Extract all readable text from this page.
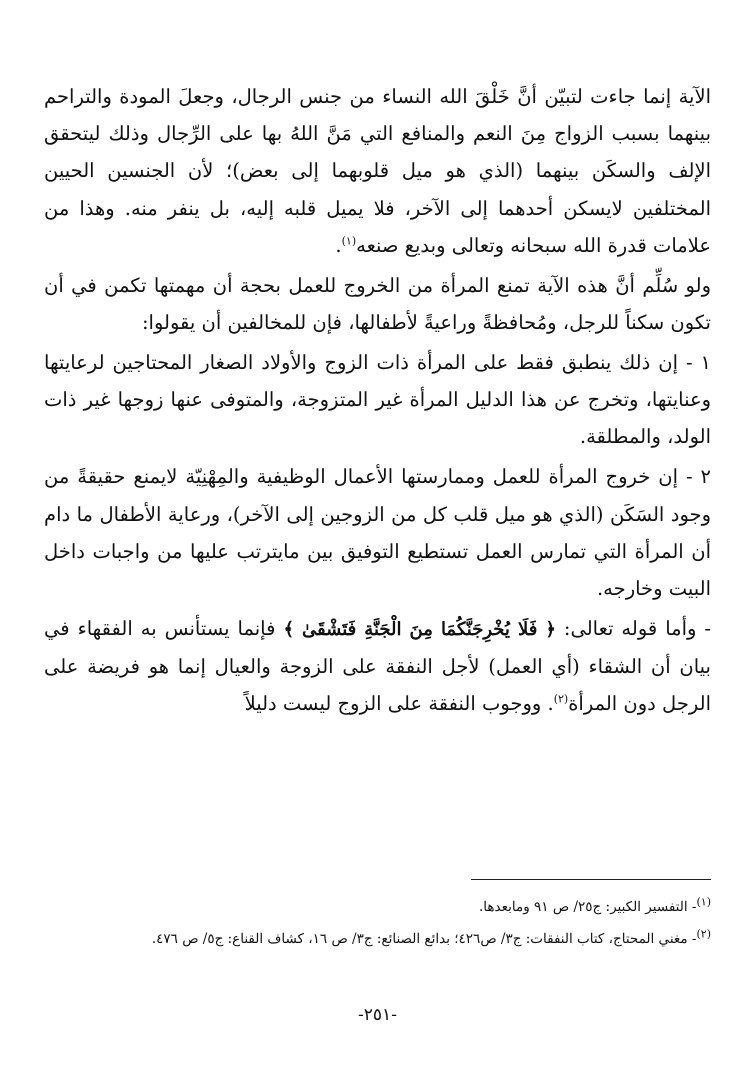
الآية إنما جاءت لتبيّن أنَّ خَلْقَ الله النساء من جنس الرجال، وجعلَ المودة والتراحم بينهما بسبب الزواج مِنَ النعم والمنافع التي مَنَّ اللهُ بها على الرِّجال وذلك ليتحقق الإلف والسكَن بينهما (الذي هو ميل قلوبهما إلى بعض)؛ لأن الجنسين الحيين المختلفين لايسكن أحدهما إلى الآخر، فلا يميل قلبه إليه، بل ينفر منه. وهذا من علامات قدرة الله سبحانه وتعالى وبديع صنعه$^{(١)}$.

ولو سُلِّم أنَّ هذه الآية تمنع المرأة من الخروج للعمل بحجة أن مهمتها تكمن في أن تكون سكناً للرجل، ومُحافظةً وراعيةً لأطفالها، فإن للمخالفين أن يقولوا:

١ - إن ذلك ينطبق فقط على المرأة ذات الزوج والأولاد الصغار المحتاجين لرعايتها وعنايتها، وتخرج عن هذا الدليل المرأة غير المتزوجة، والمتوفى عنها زوجها غير ذات الولد، والمطلقة.

٢ - إن خروج المرأة للعمل وممارستها الأعمال الوظيفية والمِهْنِيّة لايمنع حقيقةً من وجود السَكَن (الذي هو ميل قلب كل من الزوجين إلى الآخر)، ورعاية الأطفال ما دام أن المرأة التي تمارس العمل تستطيع التوفيق بين مايترتب عليها من واجبات داخل البيت وخارجه.

- وأما قوله تعالى: ﴿ فَلَا يُخْرِجَنَّكُمَا مِنَ الْجَنَّةِ فَتَشْقَىٰ ﴾ فإنما يستأنس به الفقهاء في بيان أن الشقاء (أي العمل) لأجل النفقة على الزوجة والعيال إنما هو فريضة على الرجل دون المرأة$^{(٢)}$. ووجوب النفقة على الزوج ليست دليلاً

$^{(١)}$- التفسير الكبير: ج٢٥/ ص ٩١ ومابعدها.

$^{(٢)}$- مغني المحتاج، كتاب النفقات: ج٣/ ص٤٢٦؛ بدائع الصنائع: ج٣/ ص ١٦، كشاف القناع: ج٥/ ص ٤٧٦.

-٢٥١-
